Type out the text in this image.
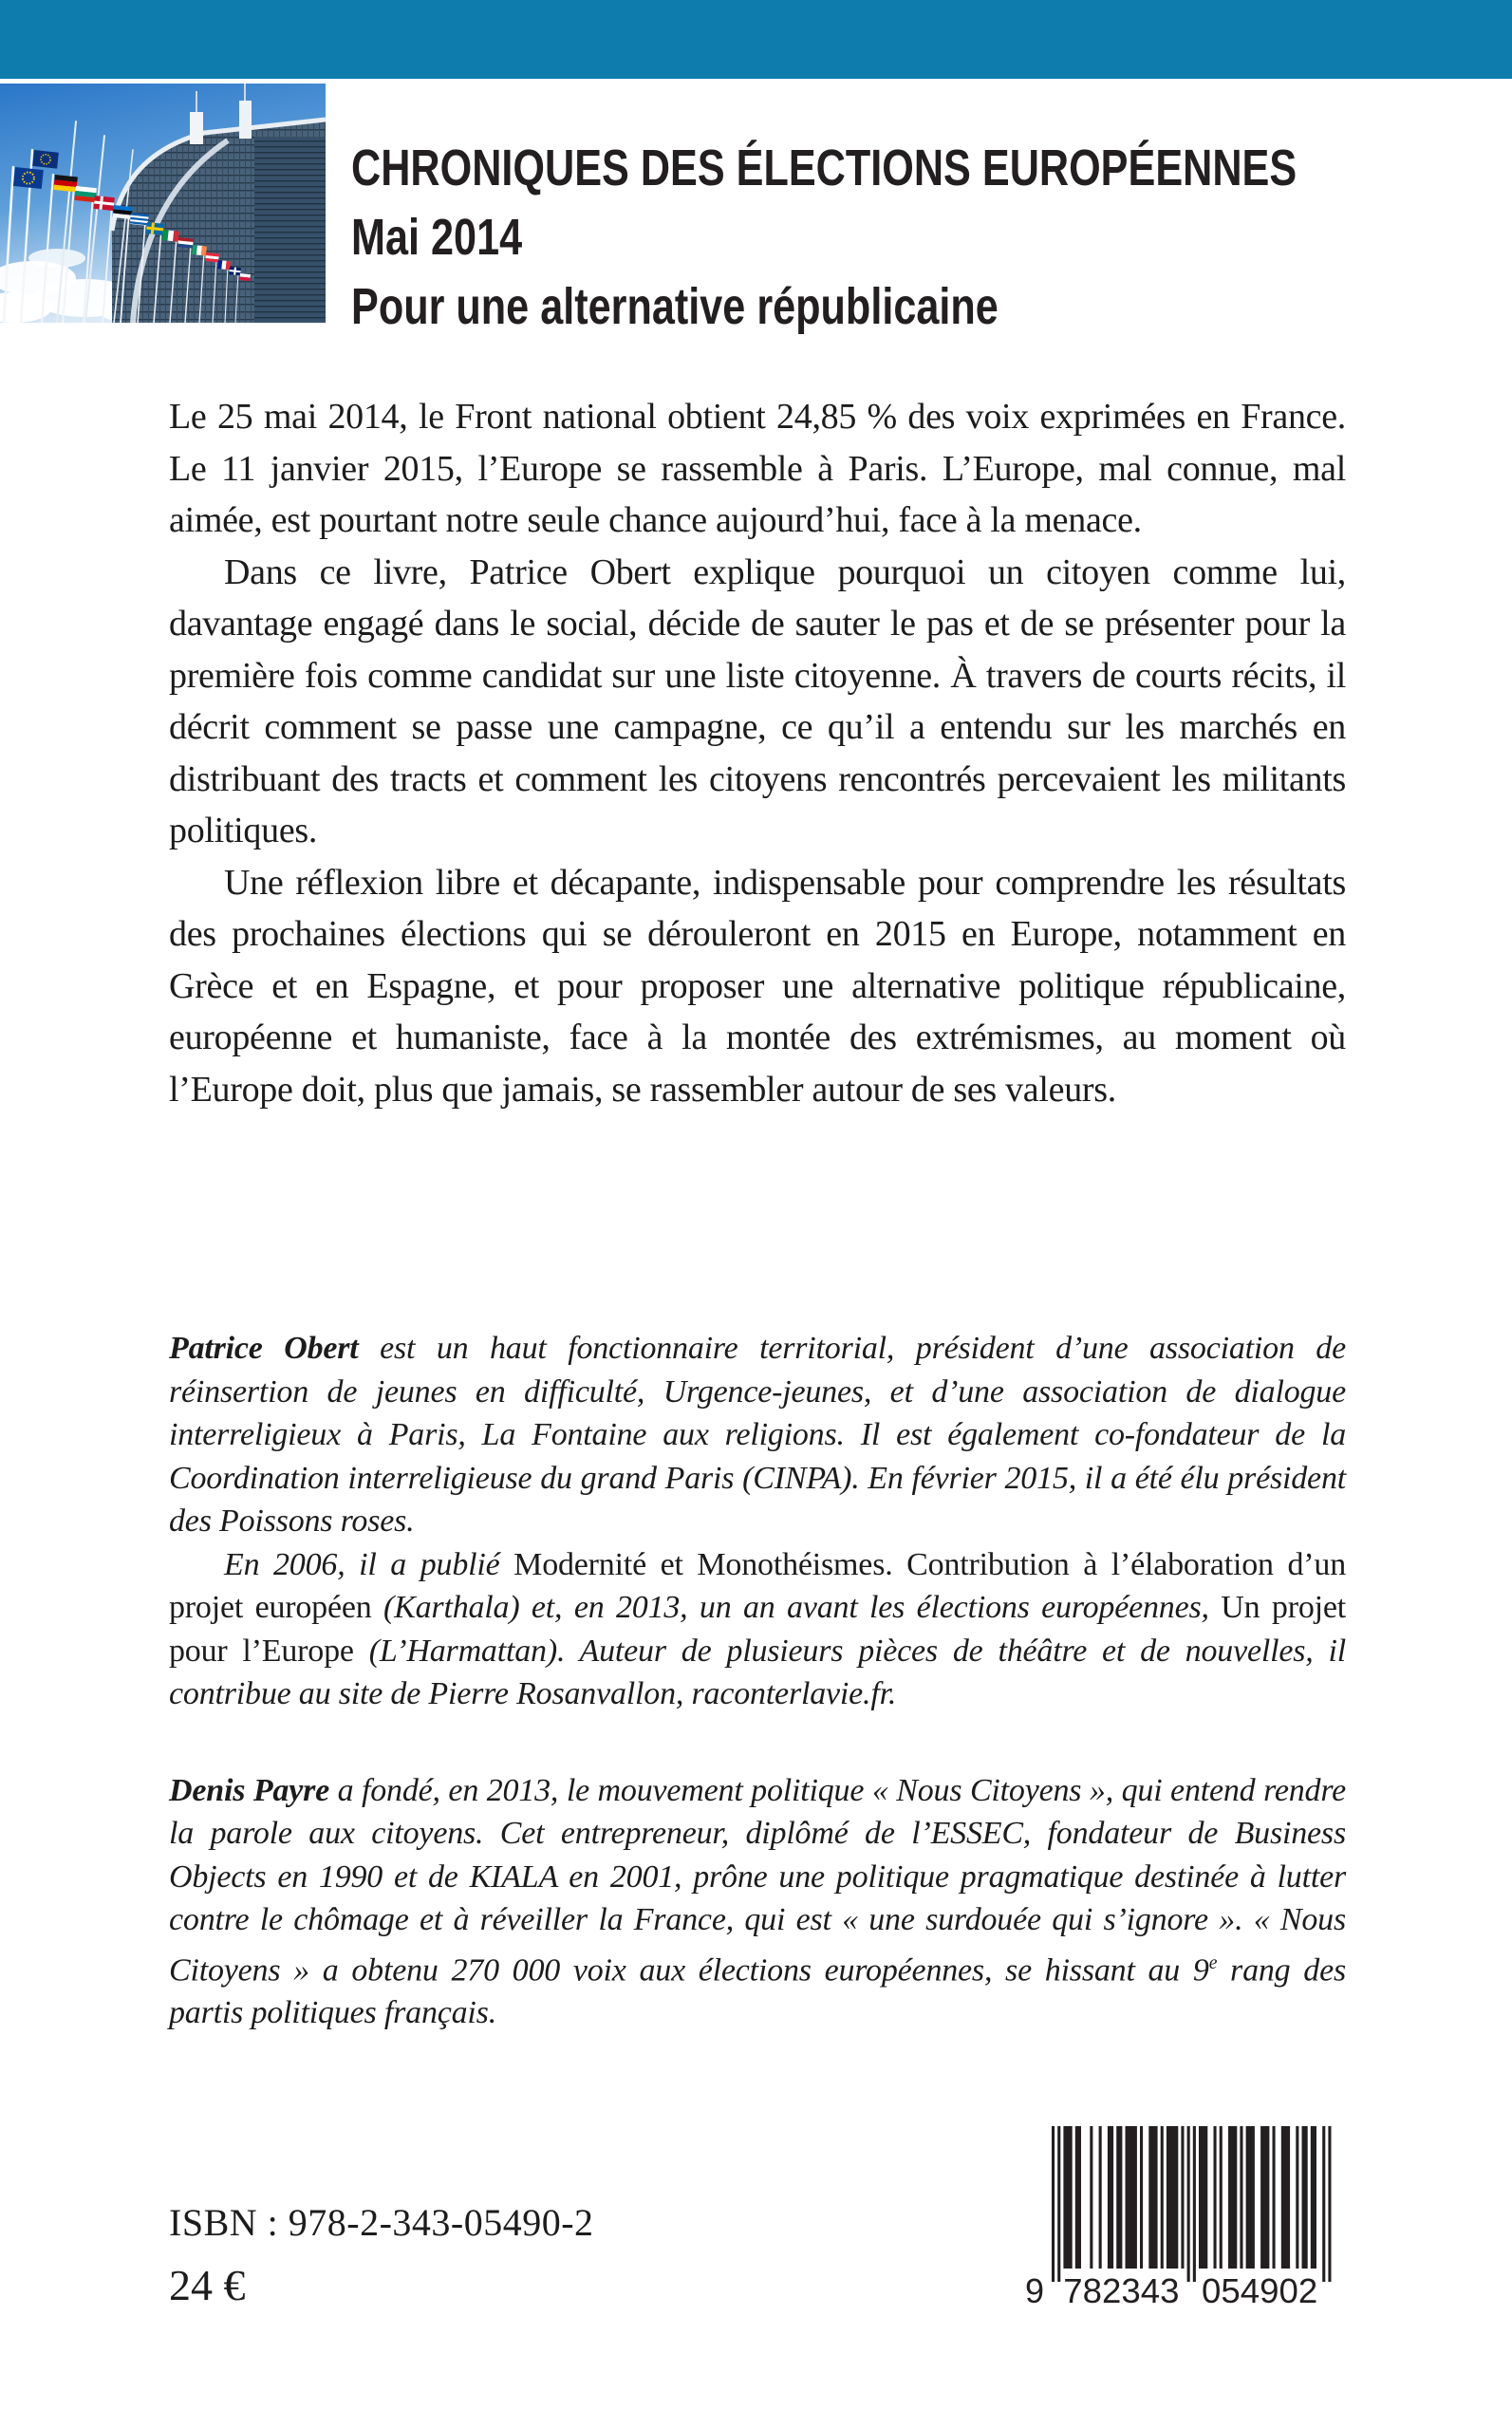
CHRONIQUES DES ÉLECTIONS EUROPÉENNES
Mai 2014
Pour une alternative républicaine

Le 25 mai 2014, le Front national obtient 24,85 % des voix exprimées en France. Le 11 janvier 2015, l’Europe se rassemble à Paris. L’Europe, mal connue, mal aimée, est pourtant notre seule chance aujourd’hui, face à la menace.

Dans ce livre, Patrice Obert explique pourquoi un citoyen comme lui, davantage engagé dans le social, décide de sauter le pas et de se présenter pour la première fois comme candidat sur une liste citoyenne. À travers de courts récits, il décrit comment se passe une campagne, ce qu’il a entendu sur les marchés en distribuant des tracts et comment les citoyens rencontrés percevaient les militants politiques.

Une réflexion libre et décapante, indispensable pour comprendre les résultats des prochaines élections qui se dérouleront en 2015 en Europe, notamment en Grèce et en Espagne, et pour proposer une alternative politique républicaine, européenne et humaniste, face à la montée des extrémismes, au moment où l’Europe doit, plus que jamais, se rassembler autour de ses valeurs.

Patrice Obert est un haut fonctionnaire territorial, président d’une association de réinsertion de jeunes en difficulté, Urgence-jeunes, et d’une association de dialogue interreligieux à Paris, La Fontaine aux religions. Il est également co-fondateur de la Coordination interreligieuse du grand Paris (CINPA). En février 2015, il a été élu président des Poissons roses.

En 2006, il a publié Modernité et Monothéismes. Contribution à l’élaboration d’un projet européen (Karthala) et, en 2013, un an avant les élections européennes, Un projet pour l’Europe (L’Harmattan). Auteur de plusieurs pièces de théâtre et de nouvelles, il contribue au site de Pierre Rosanvallon, raconterlavie.fr.

Denis Payre a fondé, en 2013, le mouvement politique « Nous Citoyens », qui entend rendre la parole aux citoyens. Cet entrepreneur, diplômé de l’ESSEC, fondateur de Business Objects en 1990 et de KIALA en 2001, prône une politique pragmatique destinée à lutter contre le chômage et à réveiller la France, qui est « une surdouée qui s’ignore ». « Nous Citoyens » a obtenu 270 000 voix aux élections européennes, se hissant au 9e rang des partis politiques français.

ISBN : 978-2-343-05490-2
24 €	9 782343 054902
